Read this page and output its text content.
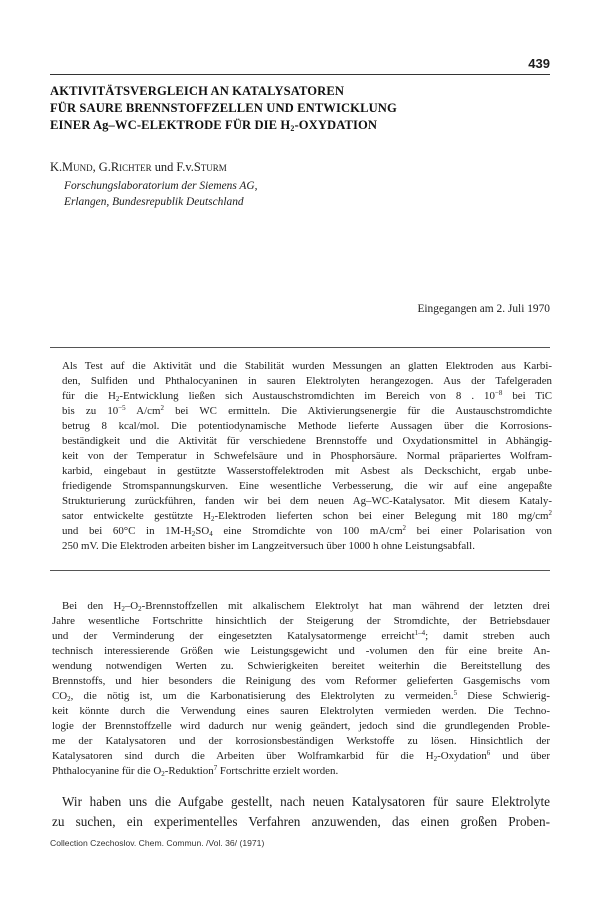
439
AKTIVITÄTSVERGLEICH AN KATALYSATOREN
FÜR SAURE BRENNSTOFFZELLEN UND ENTWICKLUNG
EINER Ag–WC-ELEKTRODE FÜR DIE $H_2$-OXYDATION
K.Mund, G.Richter und F.v.Sturm
Forschungslaboratorium der Siemens AG,
Erlangen, Bundesrepublik Deutschland
Eingegangen am 2. Juli 1970
Als Test auf die Aktivität und die Stabilität wurden Messungen an glatten Elektroden aus Karbi-
den, Sulfiden und Phthalocyaninen in sauren Elektrolyten herangezogen. Aus der Tafelgeraden
für die $H_2$-Entwicklung ließen sich Austauschstromdichten im Bereich von 8 . $10^{-8}$ bei TiC
bis zu $10^{-5}$ $A/cm^2$ bei WC ermitteln. Die Aktivierungsenergie für die Austauschstromdichte
betrug 8 kcal/mol. Die potentiodynamische Methode lieferte Aussagen über die Korrosions-
beständigkeit und die Aktivität für verschiedene Brennstoffe und Oxydationsmittel in Abhängig-
keit von der Temperatur in Schwefelsäure und in Phosphorsäure. Normal präpariertes Wolfram-
karbid, eingebaut in gestützte Wasserstoffelektroden mit Asbest als Deckschicht, ergab unbe-
friedigende Stromspannungskurven. Eine wesentliche Verbesserung, die wir auf eine angepaßte
Strukturierung zurückführen, fanden wir bei dem neuen Ag–WC-Katalysator. Mit diesem Kataly-
sator entwickelte gestützte $H_2$-Elektroden lieferten schon bei einer Belegung mit 180 $mg/cm^2$
und bei 60°C in $1M-H_2SO_4$ eine Stromdichte von 100 $mA/cm^2$ bei einer Polarisation von
250 mV. Die Elektroden arbeiten bisher im Langzeitversuch über 1000 h ohne Leistungsabfall.
Bei den $H_2-O_2$-Brennstoffzellen mit alkalischem Elektrolyt hat man während der letzten drei
Jahre wesentliche Fortschritte hinsichtlich der Steigerung der Stromdichte, der Betriebsdauer
und der Verminderung der eingesetzten Katalysatormenge erreicht$^{1-4}$; damit streben auch
technisch interessierende Größen wie Leistungsgewicht und -volumen den für eine breite An-
wendung notwendigen Werten zu. Schwierigkeiten bereitet weiterhin die Bereitstellung des
Brennstoffs, und hier besonders die Reinigung des vom Reformer gelieferten Gasgemischs vom
$CO_2$, die nötig ist, um die Karbonatisierung des Elektrolyten zu vermeiden.$^5$ Diese Schwierig-
keit könnte durch die Verwendung eines sauren Elektrolyten vermieden werden. Die Techno-
logie der Brennstoffzelle wird dadurch nur wenig geändert, jedoch sind die grundlegenden Proble-
me der Katalysatoren und der korrosionsbeständigen Werkstoffe zu lösen. Hinsichtlich der
Katalysatoren sind durch die Arbeiten über Wolframkarbid für die $H_2-Oxydation^6$ und über
Phthalocyanine für die $O_2-Reduktion^7$ Fortschritte erzielt worden.
Wir haben uns die Aufgabe gestellt, nach neuen Katalysatoren für saure Elektrolyte
zu suchen, ein experimentelles Verfahren anzuwenden, das einen großen Proben-
Collection Czechoslov. Chem. Commun. /Vol. 36/ (1971)
